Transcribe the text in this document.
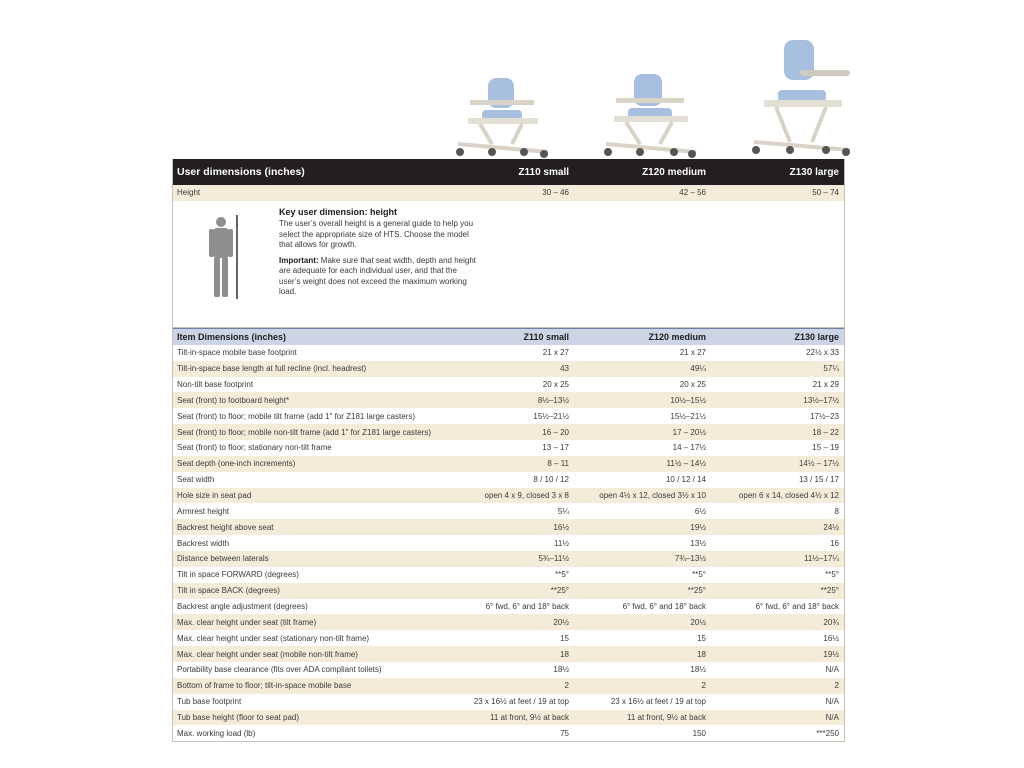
User dimensions (inches)	Z110 small	Z120 medium	Z130 large
Height	30 – 46	42 – 56	50 – 74
Key user dimension: height

The user’s overall height is a general guide to help you select the appropriate size of HTS. Choose the model that allows for growth.

Important: Make sure that seat width, depth and height are adequate for each individual user, and that the user’s weight does not exceed the maximum working load.

Item Dimensions (inches)	Z110 small	Z120 medium	Z130 large
Tilt-in-space mobile base footprint	21 x 27	21 x 27	22½ x 33
Tilt-in-space base length at full recline (incl. headrest)	43	49¼	57¼
Non-tilt base footprint	20 x 25	20 x 25	21 x 29
Seat (front) to footboard height*	8½–13½	10½–15½	13½–17½
Seat (front) to floor; mobile tilt frame (add 1" for Z181 large casters)	15½–21½	15½–21½	17½–23
Seat (front) to floor; mobile non-tilt frame (add 1" for Z181 large casters)	16 – 20	17 – 20½	18 – 22
Seat (front) to floor; stationary non-tilt frame	13 – 17	14 – 17½	15 – 19
Seat depth (one-inch increments)	8 – 11	11½ – 14½	14½ – 17½
Seat width	8 / 10 / 12	10 / 12 / 14	13 / 15 / 17
Hole size in seat pad	open 4 x 9, closed 3 x 8	open 4½ x 12, closed 3½ x 10	open 6 x 14, closed 4½ x 12
Armrest height	5¼	6½	8
Backrest height above seat	16½	19½	24½
Backrest width	11½	13½	16
Distance between laterals	5¾–11½	7¾–13½	11½–17¼
Tilt in space FORWARD (degrees)	**5°	**5°	**5°
Tilt in space BACK (degrees)	**25°	**25°	**25°
Backrest angle adjustment (degrees)	6° fwd, 6° and 18° back	6° fwd, 6° and 18° back	6° fwd, 6° and 18° back
Max. clear height under seat (tilt frame)	20½	20½	20¾
Max. clear height under seat (stationary non-tilt frame)	15	15	16½
Max. clear height under seat (mobile non-tilt frame)	18	18	19½
Portability base clearance (fits over ADA compliant toilets)	18½	18½	N/A
Bottom of frame to floor; tilt-in-space mobile base	2	2	2
Tub base footprint	23 x 16½ at feet / 19 at top	23 x 16½ at feet / 19 at top	N/A
Tub base height (floor to seat pad)	11 at front, 9½ at back	11 at front, 9½ at back	N/A
Max. working load (lb)	75	150	***250
